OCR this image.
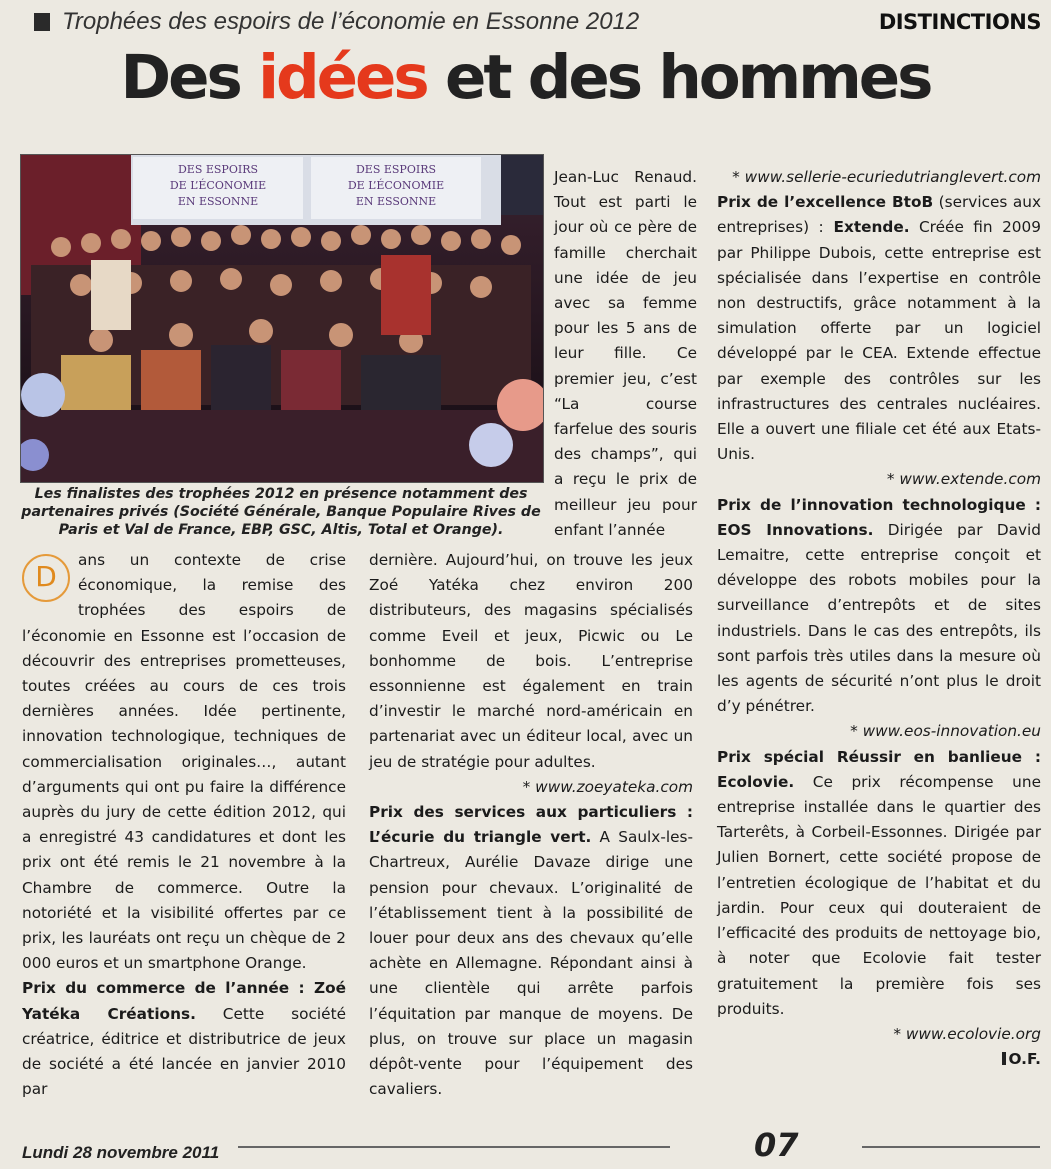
Trophées des espoirs de l’économie en Essonne 2012	DISTINCTIONS
Des idées et des hommes
DES ESPOIRS
DE L’ÉCONOMIE
EN ESSONNE
DES ESPOIRS
DE L’ÉCONOMIE
EN ESSONNE
Les finalistes des trophées 2012 en présence notamment des partenaires privés (Société Générale, Banque Populaire Rives de Paris et Val de France, EBP, GSC, Altis, Total et Orange).

Jean-Luc Renaud. Tout est parti le jour où ce père de famille cherchait une idée de jeu avec sa femme pour les 5 ans de leur fille. Ce premier jeu, c’est “La course farfelue des souris des champs”, qui a reçu le prix de meilleur jeu pour enfant l’année

D	ans un contexte de crise économique, la remise des trophées des espoirs de l’économie en Essonne est l’occasion de découvrir des entreprises prometteuses, toutes créées au cours de ces trois dernières années. Idée pertinente, innovation technologique, techniques de commercialisation originales…, autant d’arguments qui ont pu faire la différence auprès du jury de cette édition 2012, qui a enregistré 43 candidatures et dont les prix ont été remis le 21 novembre à la Chambre de commerce. Outre la notoriété et la visibilité offertes par ce prix, les lauréats ont reçu un chèque de 2 000 euros et un smartphone Orange.

Prix du commerce de l’année : Zoé Yatéka Créations. Cette société créatrice, éditrice et distributrice de jeux de société a été lancée en janvier 2010 par

dernière. Aujourd’hui, on trouve les jeux Zoé Yatéka chez environ 200 distributeurs, des magasins spécialisés comme Eveil et jeux, Picwic ou Le bonhomme de bois. L’entreprise essonnienne est également en train d’investir le marché nord-américain en partenariat avec un éditeur local, avec un jeu de stratégie pour adultes.

* www.zoeyateka.com

Prix des services aux particuliers : L’écurie du triangle vert. A Saulx-les-Chartreux, Aurélie Davaze dirige une pension pour chevaux. L’originalité de l’établissement tient à la possibilité de louer pour deux ans des chevaux qu’elle achète en Allemagne. Répondant ainsi à une clientèle qui arrête parfois l’équitation par manque de moyens. De plus, on trouve sur place un magasin dépôt-vente pour l’équipement des cavaliers.

* www.sellerie-ecuriedutrianglevert.com

Prix de l’excellence BtoB (services aux entreprises) : Extende. Créée fin 2009 par Philippe Dubois, cette entreprise est spécialisée dans l’expertise en contrôle non destructifs, grâce notamment à la simulation offerte par un logiciel développé par le CEA. Extende effectue par exemple des contrôles sur les infrastructures des centrales nucléaires. Elle a ouvert une filiale cet été aux Etats-Unis.

* www.extende.com

Prix de l’innovation technologique : EOS Innovations. Dirigée par David Lemaitre, cette entreprise conçoit et développe des robots mobiles pour la surveillance d’entrepôts et de sites industriels. Dans le cas des entrepôts, ils sont parfois très utiles dans la mesure où les agents de sécurité n’ont plus le droit d’y pénétrer.

* www.eos-innovation.eu

Prix spécial Réussir en banlieue : Ecolovie. Ce prix récompense une entreprise installée dans le quartier des Tarterêts, à Corbeil-Essonnes. Dirigée par Julien Bornert, cette société propose de l’entretien écologique de l’habitat et du jardin. Pour ceux qui douteraient de l’efficacité des produits de nettoyage bio, à noter que Ecolovie fait tester gratuitement la première fois ses produits.

* www.ecolovie.org

O.F.

Lundi 28 novembre 2011	07
